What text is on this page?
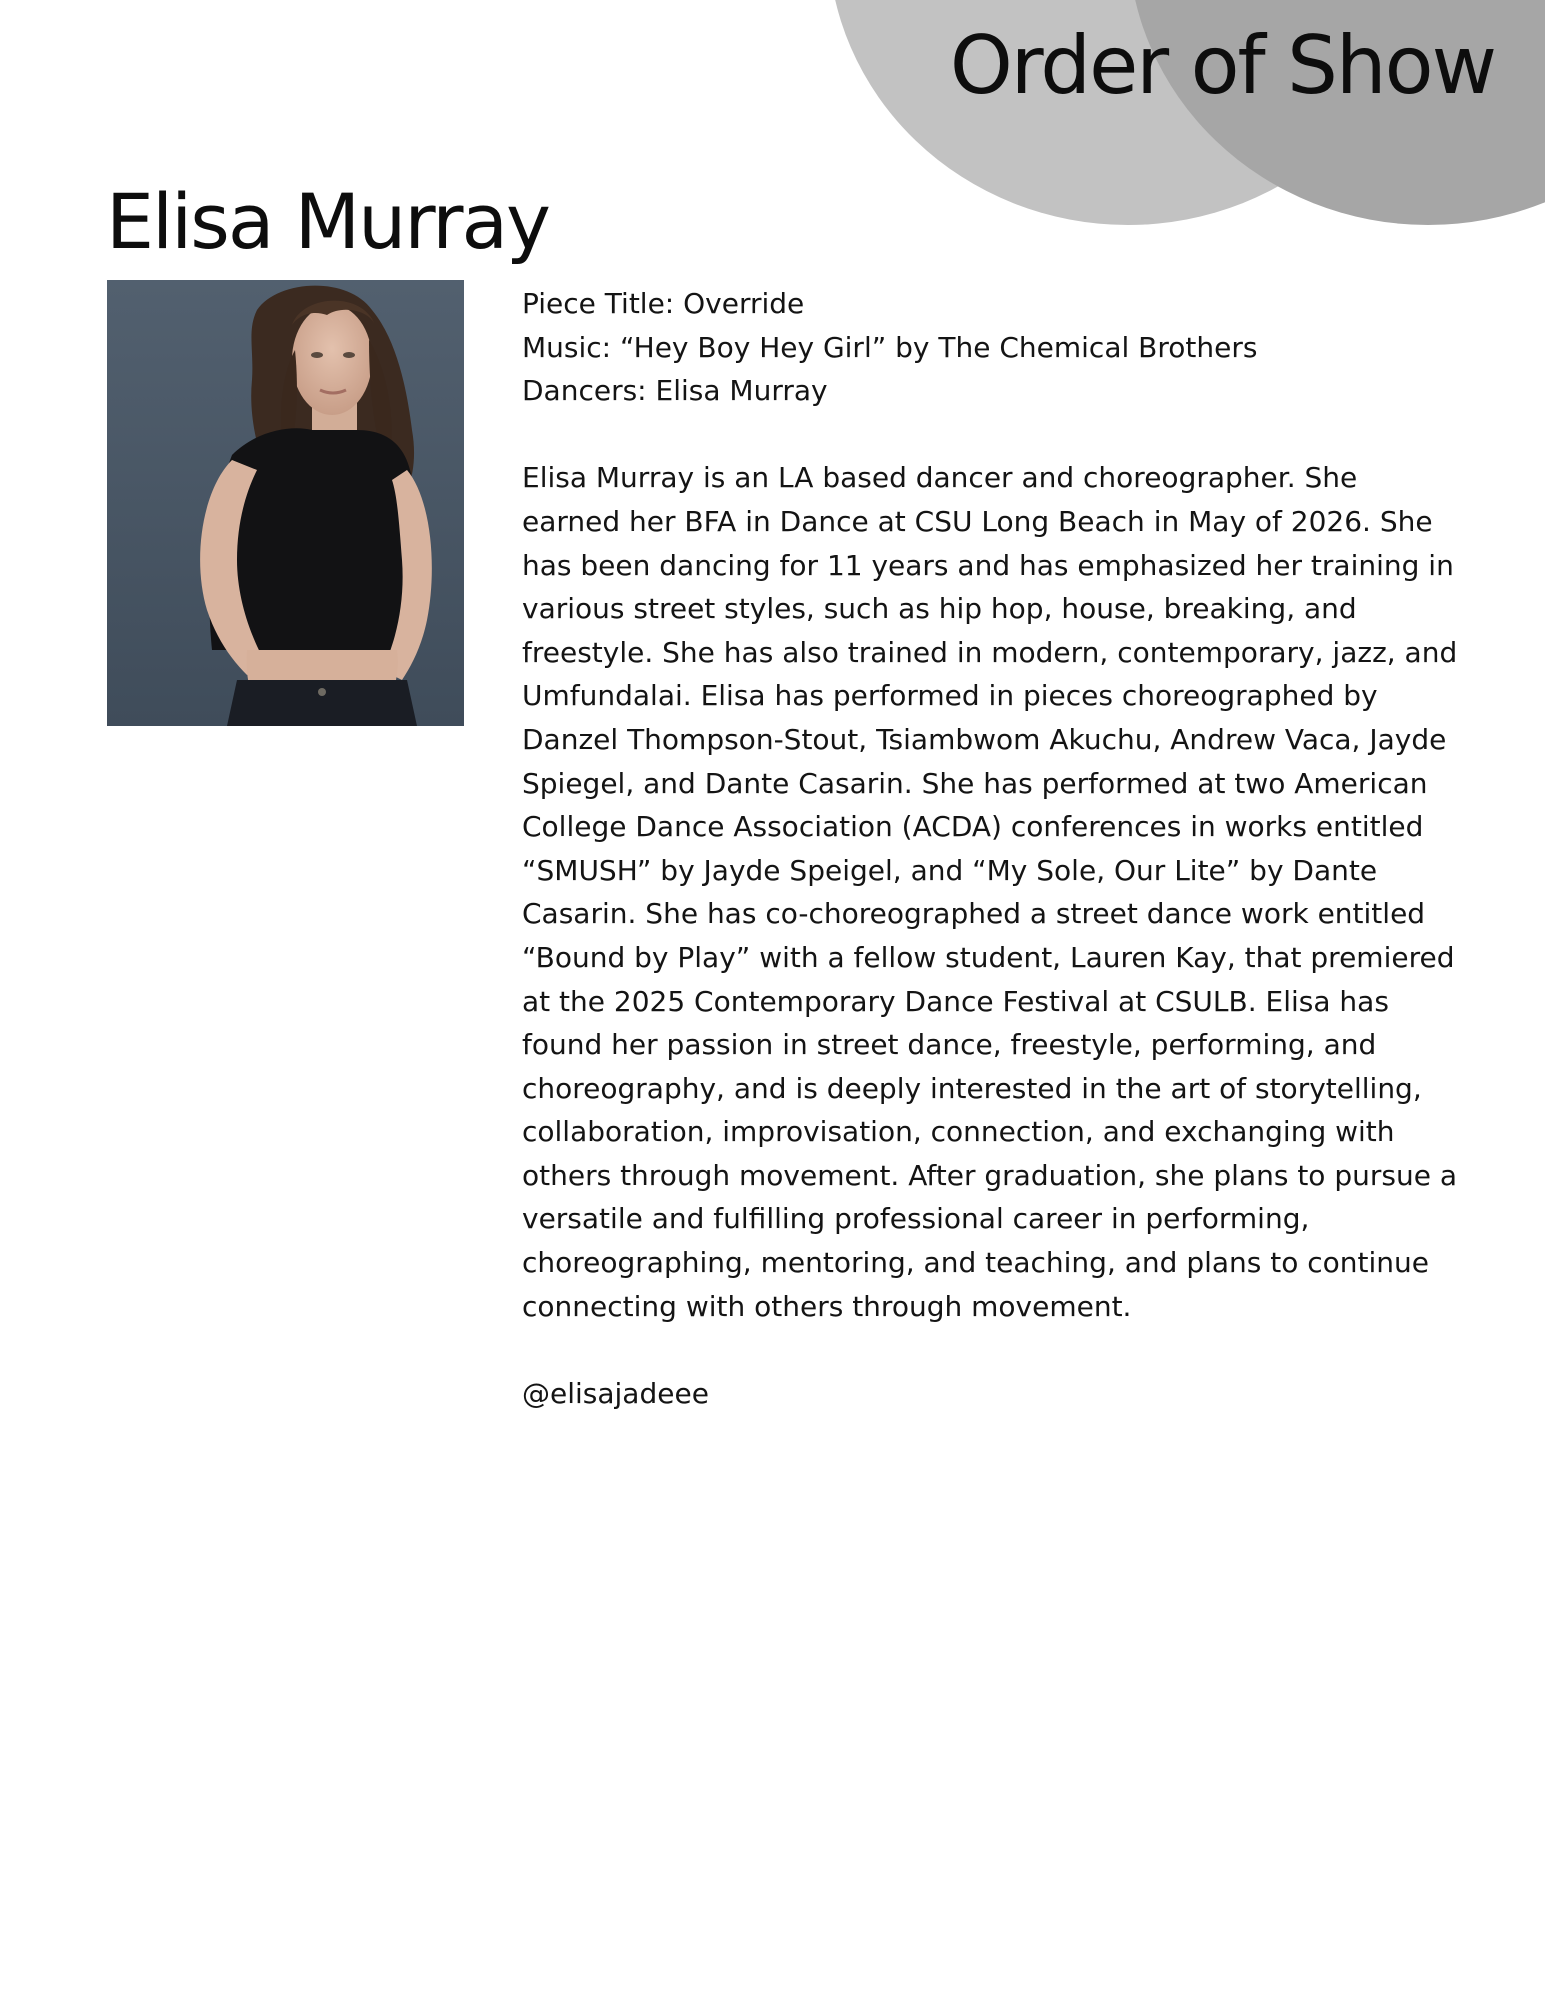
Order of Show
Elisa Murray

Piece Title: Override

Music: “Hey Boy Hey Girl” by The Chemical Brothers

Dancers: Elisa Murray

Elisa Murray is an LA based dancer and choreographer. She
earned her BFA in Dance at CSU Long Beach in May of 2026. She
has been dancing for 11 years and has emphasized her training in
various street styles, such as hip hop, house, breaking, and
freestyle. She has also trained in modern, contemporary, jazz, and
Umfundalai. Elisa has performed in pieces choreographed by
Danzel Thompson-Stout, Tsiambwom Akuchu, Andrew Vaca, Jayde
Spiegel, and Dante Casarin. She has performed at two American
College Dance Association (ACDA) conferences in works entitled
“SMUSH” by Jayde Speigel, and “My Sole, Our Lite” by Dante
Casarin. She has co-choreographed a street dance work entitled
“Bound by Play” with a fellow student, Lauren Kay, that premiered
at the 2025 Contemporary Dance Festival at CSULB. Elisa has
found her passion in street dance, freestyle, performing, and
choreography, and is deeply interested in the art of storytelling,
collaboration, improvisation, connection, and exchanging with
others through movement. After graduation, she plans to pursue a
versatile and fulfilling professional career in performing,
choreographing, mentoring, and teaching, and plans to continue
connecting with others through movement.

@elisajadeee
